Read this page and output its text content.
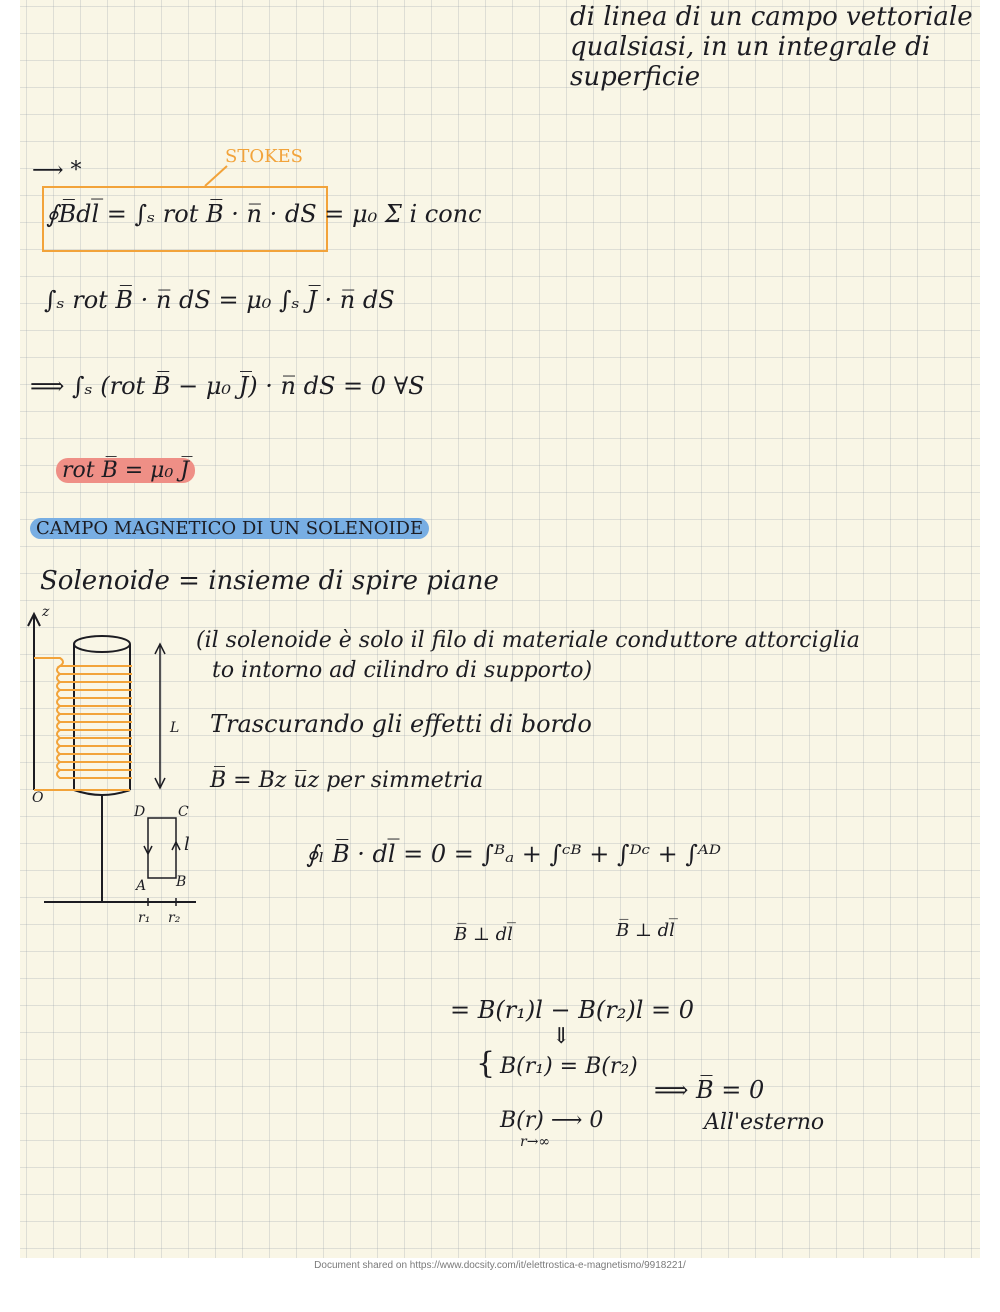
di linea di un campo vettoriale

qualsiasi, in un integrale di

superficie

⟶ *

STOKES

∮B̅dl̅ = ∫ₛ rot B̅ · n̅ · dS = μ₀ Σ i conc

∫ₛ rot B̅ · n̅ dS = μ₀ ∫ₛ J̅ · n̅ dS

⟹ ∫ₛ (rot B̅ − μ₀ J̅) · n̅ dS = 0 ∀S

rot B̅ = μ₀ J̅

CAMPO MAGNETICO DI UN SOLENOIDE

Solenoide = insieme di spire piane

z

O

L

D C

l

A B

r₁ r₂

(il solenoide è solo il filo di materiale conduttore attorciglia

to intorno ad cilindro di supporto)

Trascurando gli effetti di bordo

B̅ = Bz u̅z per simmetria

∮ₗ B̅ · dl̅ = 0 = ∫ᴮₐ + ∫ᶜᴮ + ∫ᴰᶜ + ∫ᴬᴰ

B̅ ⊥ dl̅	B̅ ⊥ dl̅

= B(r₁)l − B(r₂)l = 0

⇓

{ B(r₁) = B(r₂)

B(r) ⟶ 0

r→∞

⟹ B̅ = 0

All'esterno

Document shared on https://www.docsity.com/it/elettrostica-e-magnetismo/9918221/
